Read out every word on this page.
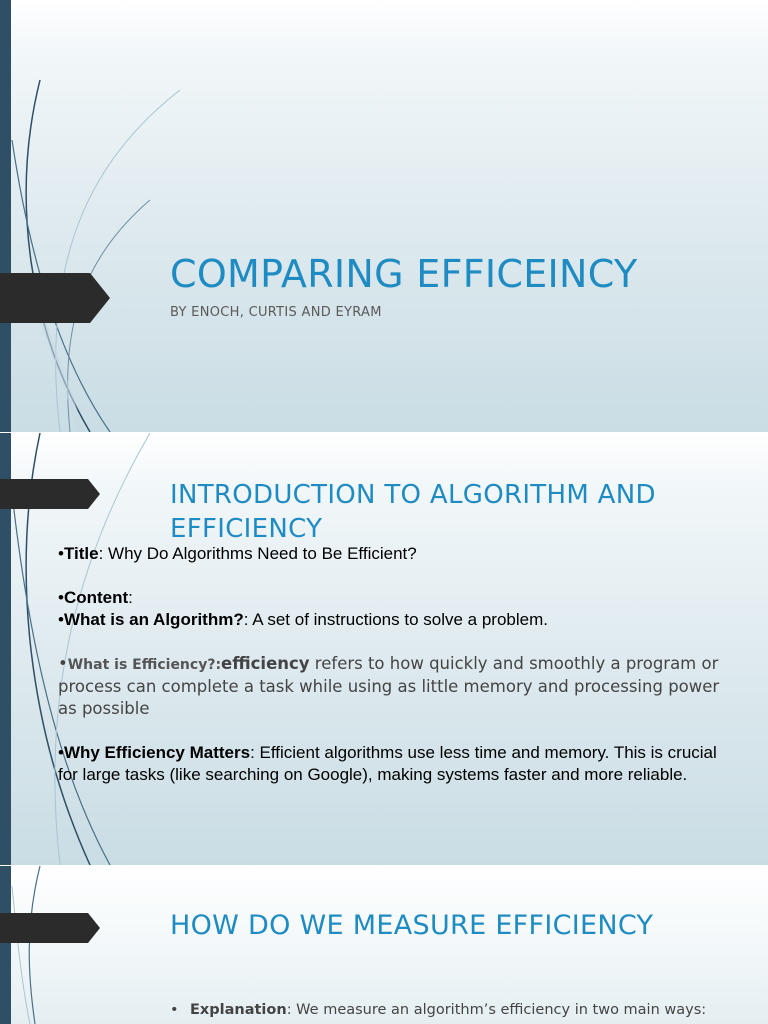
COMPARING EFFICEINCY

BY ENOCH, CURTIS AND EYRAM

INTRODUCTION TO ALGORITHM AND EFFICIENCY

•Title: Why Do Algorithms Need to Be Efficient?

•Content:

•What is an Algorithm?: A set of instructions to solve a problem.

•What is Efficiency?:efficiency refers to how quickly and smoothly a program or process can complete a task while using as little memory and processing power as possible

•Why Efficiency Matters: Efficient algorithms use less time and memory. This is crucial for large tasks (like searching on Google), making systems faster and more reliable.

HOW DO WE MEASURE EFFICIENCY
• Explanation: We measure an algorithm’s efficiency in two main ways:
